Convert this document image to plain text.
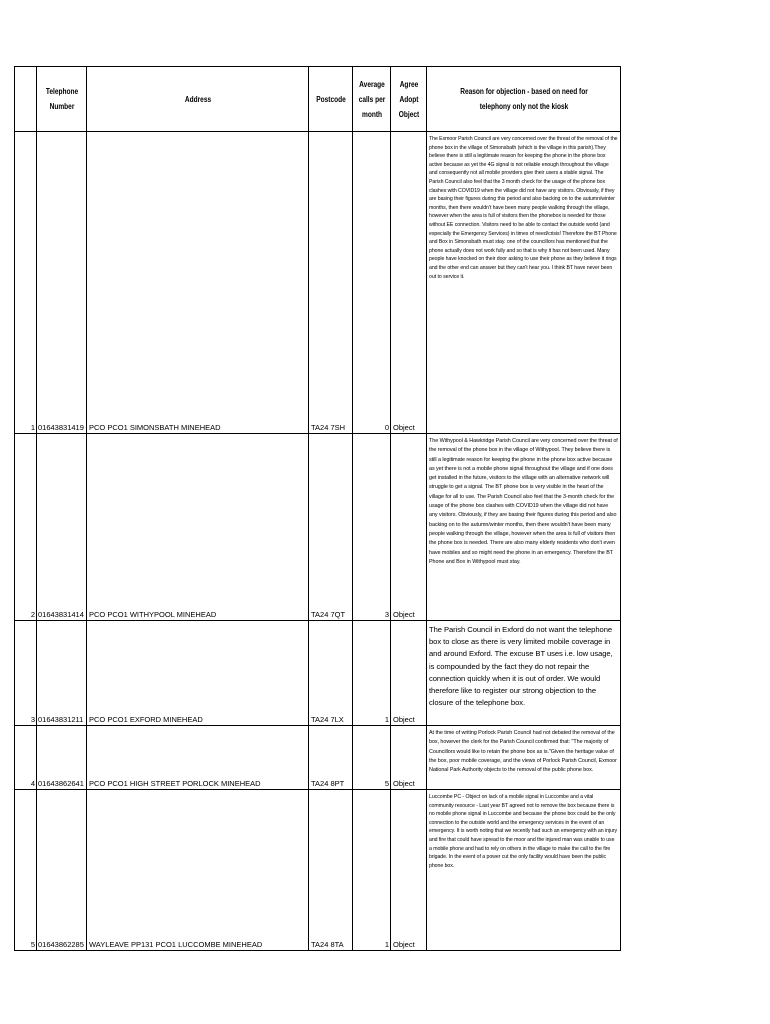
	Telephone Number	Address	Postcode	Average calls per month	Agree Adopt Object	Reason for objection - based on need for telephony only not the kiosk
1	01643831419	PCO PCO1 SIMONSBATH MINEHEAD	TA24 7SH	0	Object	The Exmoor Parish Council are very concerned over the threat of the removal of the phone box in the village of Simonsbath (which is the village in this parish).They believe there is still a legitimate reason for keeping the phone in the phone box active because as yet the 4G signal is not reliable enough throughout the village and consequently not all mobile providers give their users a stable signal. The Parish Council also feel that the 3 month check for the usage of the phone box clashes with COVID19 when the village did not have any visitors. Obviously, if they are basing their figures during this period and also backing on to the autumn/winter months, then there wouldn't have been many people walking through the village, however when the area is full of visitors then the phonebox is needed for those without EE connection. Visitors need to be able to contact the outside world (and especially the Emergency Services) in times of need/crisis! Therefore the BT Phone and Box in Simonsbath must stay. one of the councillors has mentioned that the phone actually does not work fully and so that is why it has not been used. Many people have knocked on their door asking to use their phone as they believe it rings and the other end can answer but they can't hear you. I think BT have never been out to service it.
2	01643831414	PCO PCO1 WITHYPOOL MINEHEAD	TA24 7QT	3	Object	The Withypool & Hawkridge Parish Council are very concerned over the threat of the removal of the phone box in the village of Withypool. They believe there is still a legitimate reason for keeping the phone in the phone box active because as yet there is not a mobile phone signal throughout the village and if one does get installed in the future, visitors to the village with an alternative network will struggle to get a signal. The BT phone box is very visible in the heart of the village for all to use. The Parish Council also feel that the 3-month check for the usage of the phone box clashes with COVID19 when the village did not have any visitors. Obviously, if they are basing their figures during this period and also backing on to the autumn/winter months, then there wouldn't have been many people walking through the village, however when the area is full of visitors then the phone box is needed. There are also many elderly residents who don't even have mobiles and so might need the phone in an emergency. Therefore the BT Phone and Box in Withypool must stay.
3	01643831211	PCO PCO1 EXFORD MINEHEAD	TA24 7LX	1	Object	The Parish Council in Exford do not want the telephone box to close as there is very limited mobile coverage in and around Exford. The excuse BT uses i.e. low usage, is compounded by the fact they do not repair the connection quickly when it is out of order. We would therefore like to register our strong objection to the closure of the telephone box.
4	01643862641	PCO PCO1 HIGH STREET PORLOCK MINEHEAD	TA24 8PT	5	Object	At the time of writing Porlock Parish Council had not debated the removal of the box, however the clerk for the Parish Council confirmed that: "The majority of Councillors would like to retain the phone box as is."Given the heritage value of the box, poor mobile coverage, and the views of Porlock Parish Council, Exmoor National Park Authority objects to the removal of the public phone box.
5	01643862285	WAYLEAVE PP131 PCO1 LUCCOMBE MINEHEAD	TA24 8TA	1	Object	Luccombe PC - Object on lack of a mobile signal in Luccombe and a vital community resource - Last year BT agreed not to remove the box because there is no mobile phone signal in Luccombe and because the phone box could be the only connection to the outside world and the emergency services in the event of an emergency. It is worth noting that we recently had such an emergency with an injury and fire that could have spread to the moor and the injured man was unable to use a mobile phone and had to rely on others in the village to make the call to the fire brigade. In the event of a power cut the only facility would have been the public phone box.
